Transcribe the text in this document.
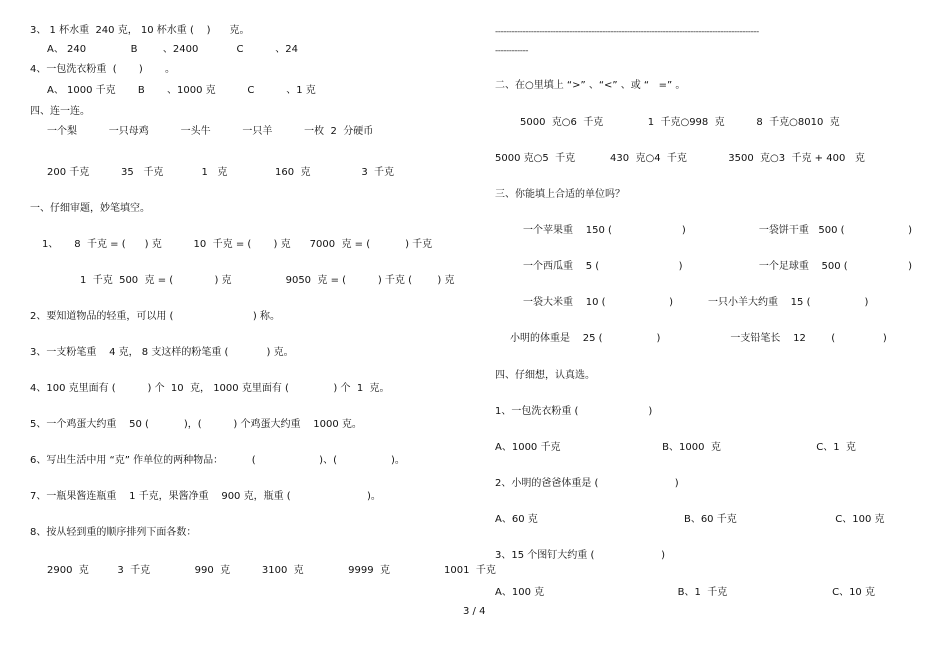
3、 1 杯水重  240 克， 10 杯水重 (    )      克。
A、 240              B        、2400            C          、24
4、一包洗衣粉重  (       )       。
A、 1000 千克       B       、1000 克          C          、1 克
四、连一连。
一个梨          一只母鸡          一头牛          一只羊          一枚  2  分硬币
200 千克          35   千克            1   克               160  克                3  千克
一、仔细审题，妙笔填空。
1、     8  千克 = (      ) 克          10  千克 = (       ) 克      7000  克 = (           ) 千克
1  千克  500  克 = (             ) 克                 9050  克 = (          ) 千克 (        ) 克
2、要知道物品的轻重，可以用 (                         ) 称。
3、一支粉笔重    4 克， 8 支这样的粉笔重 (            ) 克。
4、100 克里面有 (          ) 个  10  克， 1000 克里面有 (              ) 个  1  克。
5、一个鸡蛋大约重    50 (           )，(          ) 个鸡蛋大约重    1000 克。
6、写出生活中用 “克” 作单位的两种物品：         (                    )、(                 )。
7、一瓶果酱连瓶重    1 千克，果酱净重    900 克，瓶重 (                        )。
8、按从轻到重的顺序排列下面各数：
2900  克         3  千克              990  克          3100  克              9999  克                 1001  千克
------------------------------------------------------------------------------------------------
------------
二、在○里填上 “>” 、“<” 、或 “   =” 。
5000  克○6  千克              1  千克○998  克          8  千克○8010  克
5000 克○5  千克           430  克○4  千克             3500  克○3  千克 + 400   克
三、你能填上合适的单位吗？
一个苹果重    150 (                      )                       一袋饼干重   500 (                    )
一个西瓜重    5 (                         )                        一个足球重    500 (                   )
一袋大米重    10 (                    )           一只小羊大约重    15 (                 )
小明的体重是    25 (                 )                      一支铅笔长    12        (               )
四、仔细想，认真选。
1、一包洗衣粉重 (                      )
A、1000 千克                                B、1000  克                              C、1  克
2、小明的爸爸体重是 (                        )
A、60 克                                              B、60 千克                               C、100 克
3、15 个图钉大约重 (                     )
A、100 克                                          B、1  千克                                 C、10 克
3 / 4
